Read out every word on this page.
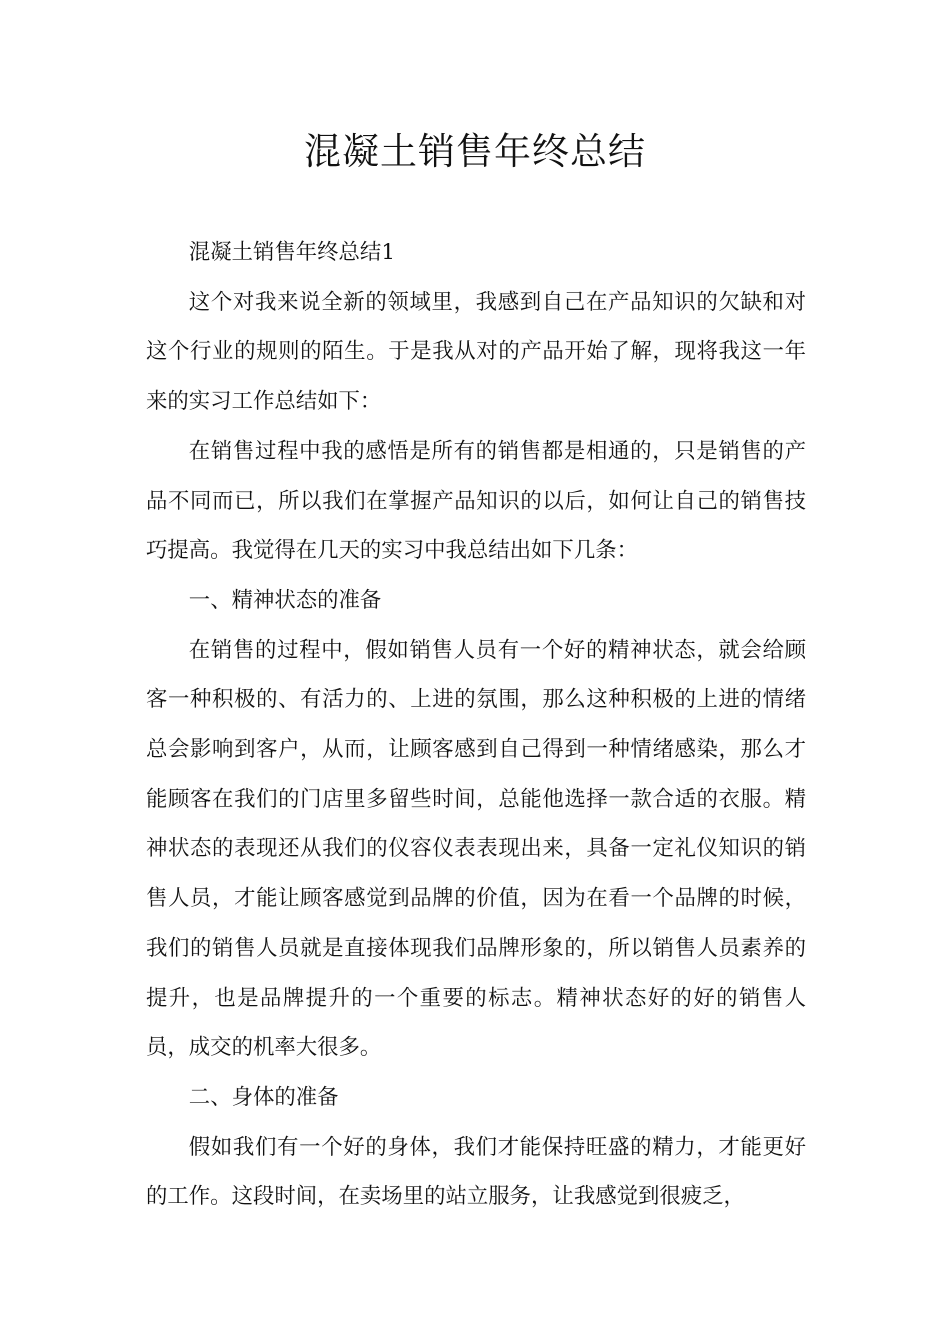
混凝土销售年终总结

混凝土销售年终总结1

这个对我来说全新的领域里，我感到自己在产品知识的欠缺和对这个行业的规则的陌生。于是我从对的产品开始了解，现将我这一年来的实习工作总结如下：

在销售过程中我的感悟是所有的销售都是相通的，只是销售的产品不同而已，所以我们在掌握产品知识的以后，如何让自己的销售技巧提高。我觉得在几天的实习中我总结出如下几条：

一、精神状态的准备

在销售的过程中，假如销售人员有一个好的精神状态，就会给顾客一种积极的、有活力的、上进的氛围，那么这种积极的上进的情绪总会影响到客户，从而，让顾客感到自己得到一种情绪感染，那么才能顾客在我们的门店里多留些时间，总能他选择一款合适的衣服。精神状态的表现还从我们的仪容仪表表现出来，具备一定礼仪知识的销售人员，才能让顾客感觉到品牌的价值，因为在看一个品牌的时候，我们的销售人员就是直接体现我们品牌形象的，所以销售人员素养的提升，也是品牌提升的一个重要的标志。精神状态好的好的销售人员，成交的机率大很多。

二、身体的准备

假如我们有一个好的身体，我们才能保持旺盛的精力，才能更好的工作。这段时间，在卖场里的站立服务，让我感觉到很疲乏，
